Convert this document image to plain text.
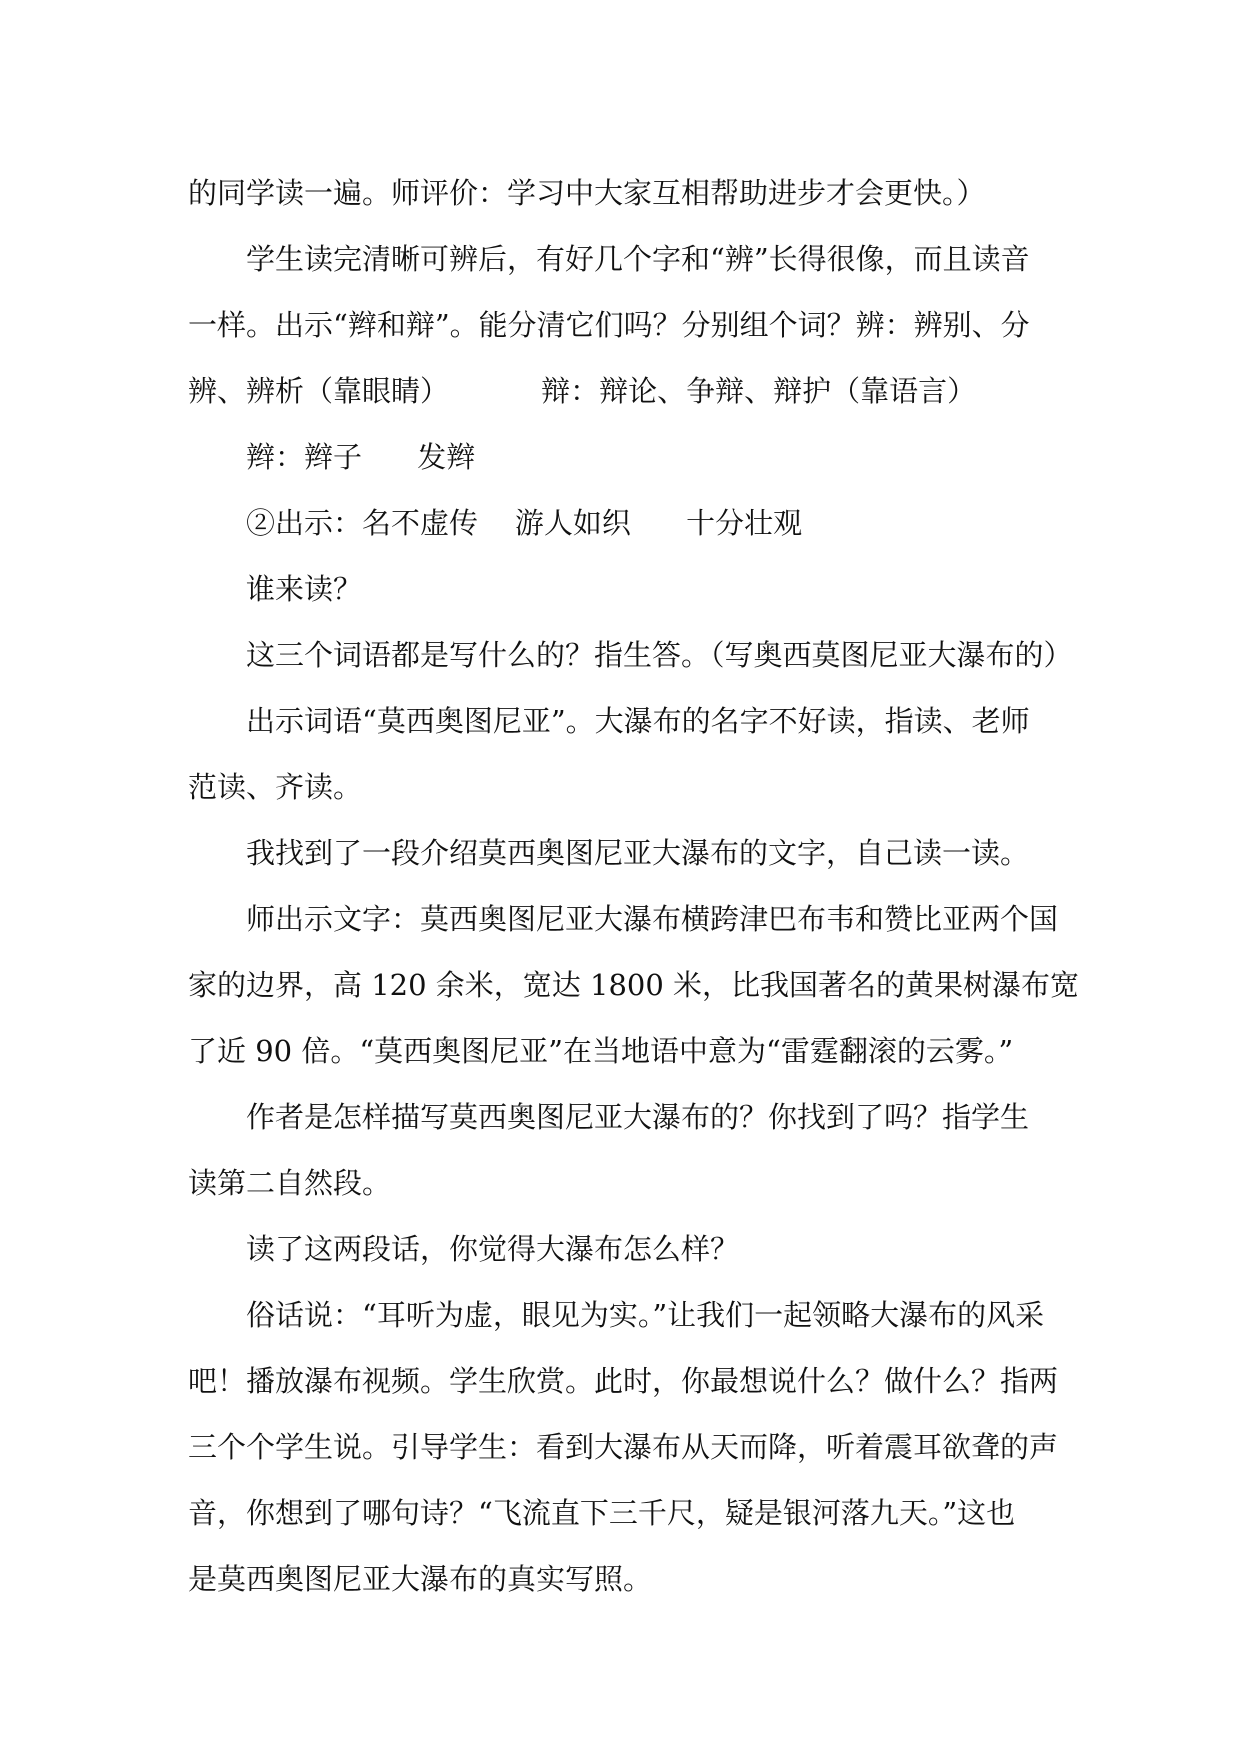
的同学读一遍。师评价：学习中大家互相帮助进步才会更快。）
学生读完清晰可辨后，有好几个字和“辨”长得很像，而且读音
一样。出示“辫和辩”。能分清它们吗？分别组个词？辨：辨别、分
辨、辨析（靠眼睛）          辩：辩论、争辩、辩护（靠语言）
辫：辫子      发辫
②出示：名不虚传    游人如织      十分壮观
谁来读？
这三个词语都是写什么的？指生答。（写奥西莫图尼亚大瀑布的）
出示词语“莫西奥图尼亚”。大瀑布的名字不好读，指读、老师
范读、齐读。
我找到了一段介绍莫西奥图尼亚大瀑布的文字，自己读一读。
师出示文字：莫西奥图尼亚大瀑布横跨津巴布韦和赞比亚两个国
家的边界，高 120 余米，宽达 1800 米，比我国著名的黄果树瀑布宽
了近 90 倍。“莫西奥图尼亚”在当地语中意为“雷霆翻滚的云雾。”
作者是怎样描写莫西奥图尼亚大瀑布的？你找到了吗？指学生
读第二自然段。
读了这两段话，你觉得大瀑布怎么样？
俗话说：“耳听为虚，眼见为实。”让我们一起领略大瀑布的风采
吧！播放瀑布视频。学生欣赏。此时，你最想说什么？做什么？指两
三个个学生说。引导学生：看到大瀑布从天而降，听着震耳欲聋的声
音，你想到了哪句诗？“飞流直下三千尺，疑是银河落九天。”这也
是莫西奥图尼亚大瀑布的真实写照。
